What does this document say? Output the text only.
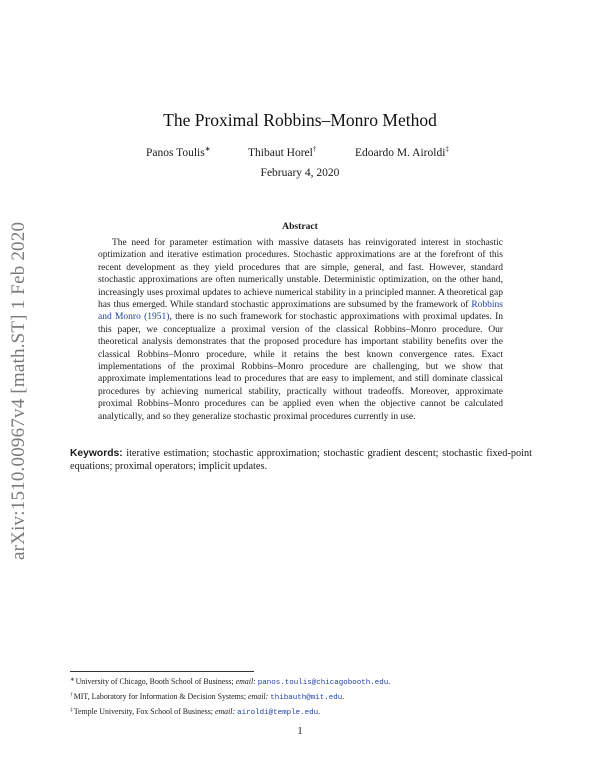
arXiv:1510.00967v4 [math.ST] 1 Feb 2020
The Proximal Robbins–Monro Method
Panos Toulis∗	Thibaut Horel†	Edoardo M. Airoldi‡
February 4, 2020
Abstract

The need for parameter estimation with massive datasets has reinvigorated interest in stochastic optimization and iterative estimation procedures. Stochastic approximations are at the forefront of this recent development as they yield procedures that are simple, general, and fast. However, standard stochastic approximations are often numerically unstable. Deterministic optimization, on the other hand, increasingly uses proximal updates to achieve numerical stability in a principled manner. A theoretical gap has thus emerged. While standard stochastic approximations are subsumed by the framework of Robbins and Monro (1951), there is no such framework for stochastic approximations with proximal updates. In this paper, we conceptualize a proximal version of the classical Robbins–Monro procedure. Our theoretical analysis demonstrates that the proposed procedure has important stability benefits over the classical Robbins–Monro procedure, while it retains the best known convergence rates. Exact implementations of the proximal Robbins–Monro procedure are challenging, but we show that approximate implementations lead to procedures that are easy to implement, and still dominate classical procedures by achieving numerical stability, practically without tradeoffs. Moreover, approximate proximal Robbins–Monro procedures can be applied even when the objective cannot be calculated analytically, and so they generalize stochastic proximal procedures currently in use.

Keywords: iterative estimation; stochastic approximation; stochastic gradient descent; stochastic fixed-point equations; proximal operators; implicit updates.

∗University of Chicago, Booth School of Business; email: panos.toulis@chicagobooth.edu.
†MIT, Laboratory for Information & Decision Systems; email: thibauth@mit.edu.
‡Temple University, Fox School of Business; email: airoldi@temple.edu.
1
